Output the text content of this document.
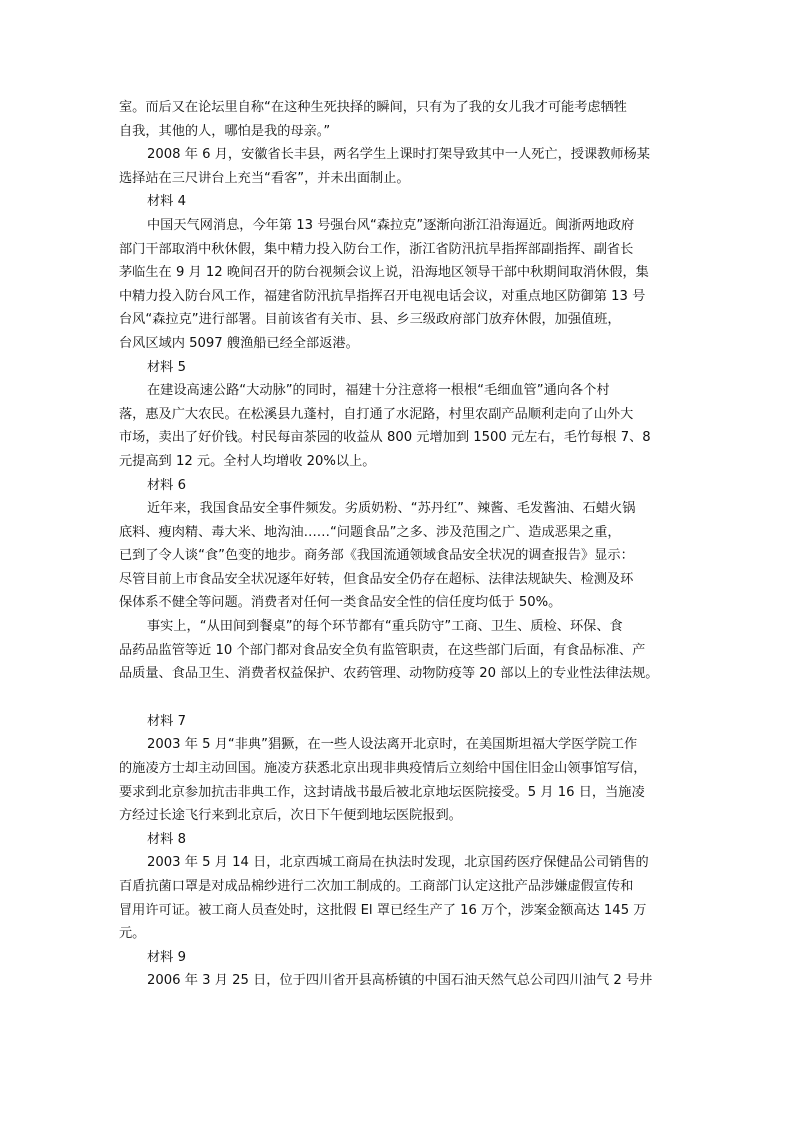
室。而后又在论坛里自称“在这种生死抉择的瞬间，只有为了我的女儿我才可能考虑牺牲
自我，其他的人，哪怕是我的母亲。”

2008 年 6 月，安徽省长丰县，两名学生上课时打架导致其中一人死亡，授课教师杨某
选择站在三尺讲台上充当“看客”，并未出面制止。

材料 4

中国天气网消息，今年第 13 号强台风“森拉克”逐渐向浙江沿海逼近。闽浙两地政府
部门干部取消中秋休假，集中精力投入防台工作，浙江省防汛抗旱指挥部副指挥、副省长
茅临生在 9 月 12 晚间召开的防台视频会议上说，沿海地区领导干部中秋期间取消休假，集
中精力投入防台风工作，福建省防汛抗旱指挥召开电视电话会议，对重点地区防御第 13 号
台风“森拉克”进行部署。目前该省有关市、县、乡三级政府部门放弃休假，加强值班，
台风区域内 5097 艘渔船已经全部返港。

材料 5

在建设高速公路“大动脉”的同时，福建十分注意将一根根“毛细血管”通向各个村
落，惠及广大农民。在松溪县九蓬村，自打通了水泥路，村里农副产品顺利走向了山外大
市场，卖出了好价钱。村民每亩茶园的收益从 800 元增加到 1500 元左右，毛竹每根 7、8
元提高到 12 元。全村人均增收 20%以上。

材料 6

近年来，我国食品安全事件频发。劣质奶粉、“苏丹红”、辣酱、毛发酱油、石蜡火锅
底料、瘦肉精、毒大米、地沟油……“问题食品”之多、涉及范围之广、造成恶果之重，
已到了令人谈“食”色变的地步。商务部《我国流通领域食品安全状况的调查报告》显示：
尽管目前上市食品安全状况逐年好转，但食品安全仍存在超标、法律法规缺失、检测及环
保体系不健全等问题。消费者对任何一类食品安全性的信任度均低于 50%。

事实上，“从田间到餐桌”的每个环节都有“重兵防守”工商、卫生、质检、环保、食
品药品监管等近 10 个部门都对食品安全负有监管职责，在这些部门后面，有食品标准、产
品质量、食品卫生、消费者权益保护、农药管理、动物防疫等 20 部以上的专业性法律法规。

材料 7

2003 年 5 月“非典”猖獗，在一些人设法离开北京时，在美国斯坦福大学医学院工作
的施凌方士却主动回国。施凌方获悉北京出现非典疫情后立刻给中国住旧金山领事馆写信，
要求到北京参加抗击非典工作，这封请战书最后被北京地坛医院接受。5 月 16 日，当施凌
方经过长途飞行来到北京后，次日下午便到地坛医院报到。

材料 8

2003 年 5 月 14 日，北京西城工商局在执法时发现，北京国药医疗保健品公司销售的
百盾抗菌口罩是对成品棉纱进行二次加工制成的。工商部门认定这批产品涉嫌虚假宣传和
冒用许可证。被工商人员查处时，这批假 El 罩已经生产了 16 万个，涉案金额高达 145 万
元。

材料 9

2006 年 3 月 25 日，位于四川省开县高桥镇的中国石油天然气总公司四川油气 2 号井
